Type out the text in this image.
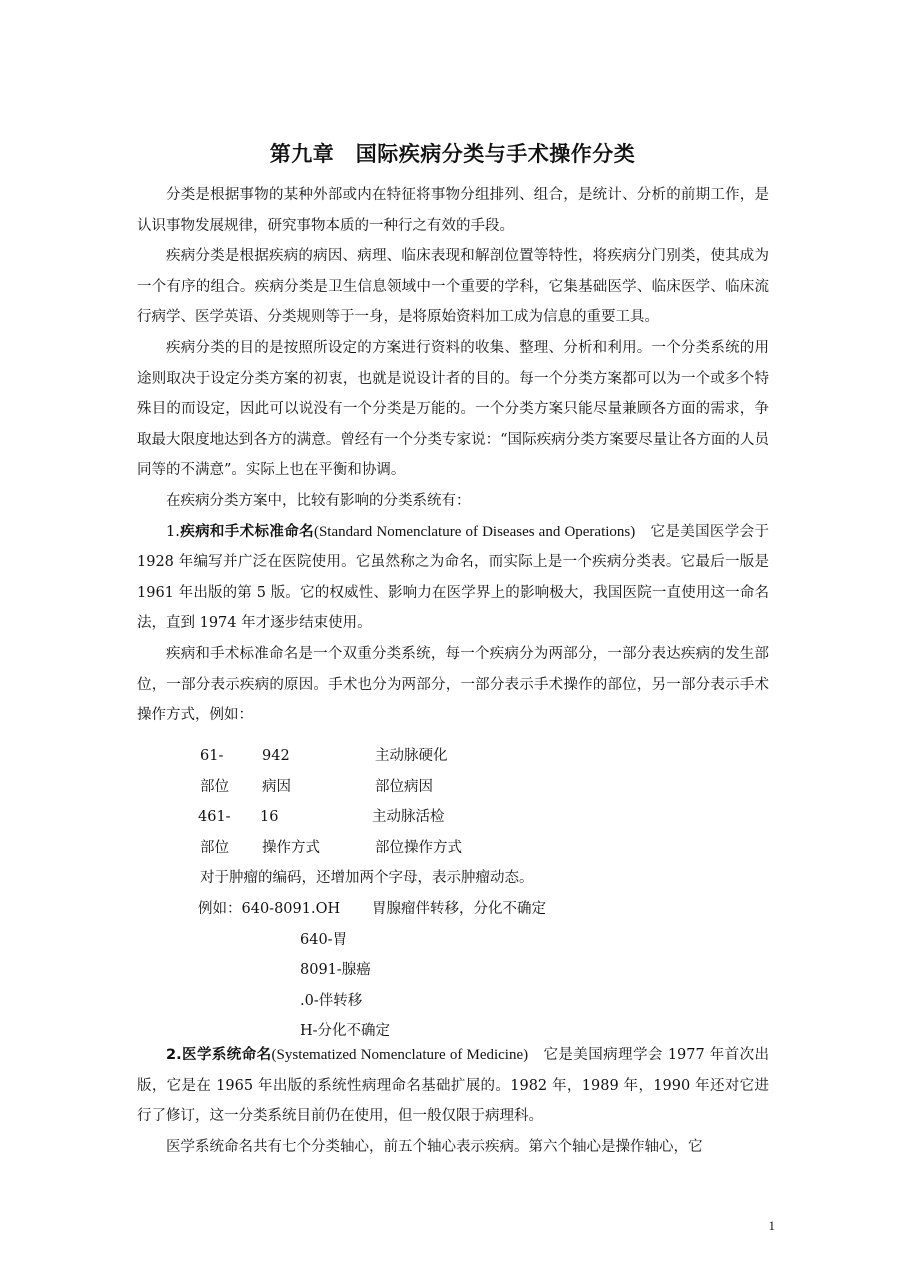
第九章　国际疾病分类与手术操作分类

分类是根据事物的某种外部或内在特征将事物分组排列、组合，是统计、分析的前期工作，是认识事物发展规律，研究事物本质的一种行之有效的手段。

疾病分类是根据疾病的病因、病理、临床表现和解剖位置等特性，将疾病分门别类，使其成为一个有序的组合。疾病分类是卫生信息领域中一个重要的学科，它集基础医学、临床医学、临床流行病学、医学英语、分类规则等于一身，是将原始资料加工成为信息的重要工具。

疾病分类的目的是按照所设定的方案进行资料的收集、整理、分析和利用。一个分类系统的用途则取决于设定分类方案的初衷，也就是说设计者的目的。每一个分类方案都可以为一个或多个特殊目的而设定，因此可以说没有一个分类是万能的。一个分类方案只能尽量兼顾各方面的需求，争取最大限度地达到各方的满意。曾经有一个分类专家说：“国际疾病分类方案要尽量让各方面的人员同等的不满意”。实际上也在平衡和协调。

在疾病分类方案中，比较有影响的分类系统有：

1.疾病和手术标准命名(Standard Nomenclature of Diseases and Operations)　它是美国医学会于 1928 年编写并广泛在医院使用。它虽然称之为命名，而实际上是一个疾病分类表。它最后一版是 1961 年出版的第 5 版。它的权威性、影响力在医学界上的影响极大，我国医院一直使用这一命名法，直到 1974 年才逐步结束使用。

疾病和手术标准命名是一个双重分类系统，每一个疾病分为两部分，一部分表达疾病的发生部位，一部分表示疾病的原因。手术也分为两部分，一部分表示手术操作的部位，另一部分表示手术操作方式，例如：

61-	942	主动脉硬化
部位 病因	部位病因
461- 16	主动脉活检
部位 操作方式	部位操作方式
对于肿瘤的编码，还增加两个字母，表示肿瘤动态。
例如：640-8091.OH 胃腺瘤伴转移，分化不确定
640-胃
8091-腺癌
.0-伴转移
H-分化不确定

2.医学系统命名(Systematized Nomenclature of Medicine)　它是美国病理学会 1977 年首次出版，它是在 1965 年出版的系统性病理命名基础扩展的。1982 年，1989 年，1990 年还对它进行了修订，这一分类系统目前仍在使用，但一般仅限于病理科。

医学系统命名共有七个分类轴心，前五个轴心表示疾病。第六个轴心是操作轴心，它

1
